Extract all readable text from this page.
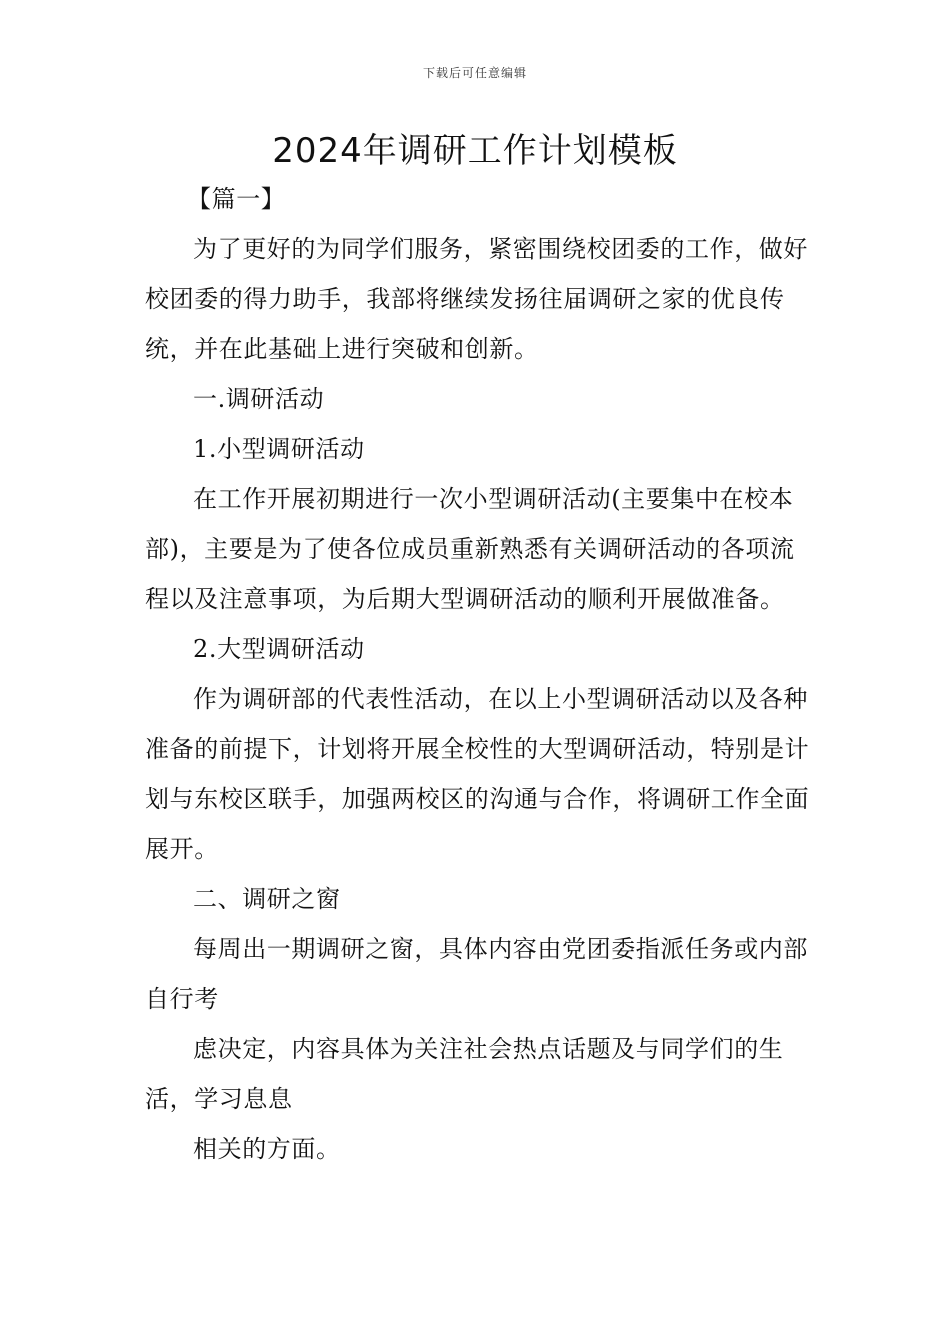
下载后可任意编辑
2024年调研工作计划模板

【篇一】

为了更好的为同学们服务，紧密围绕校团委的工作，做好校团委的得力助手，我部将继续发扬往届调研之家的优良传统，并在此基础上进行突破和创新。

一.调研活动

1.小型调研活动

在工作开展初期进行一次小型调研活动(主要集中在校本部)，主要是为了使各位成员重新熟悉有关调研活动的各项流程以及注意事项，为后期大型调研活动的顺利开展做准备。

2.大型调研活动

作为调研部的代表性活动，在以上小型调研活动以及各种准备的前提下，计划将开展全校性的大型调研活动，特别是计划与东校区联手，加强两校区的沟通与合作，将调研工作全面展开。

二、调研之窗

每周出一期调研之窗，具体内容由党团委指派任务或内部自行考

虑决定，内容具体为关注社会热点话题及与同学们的生活，学习息息

相关的方面。
